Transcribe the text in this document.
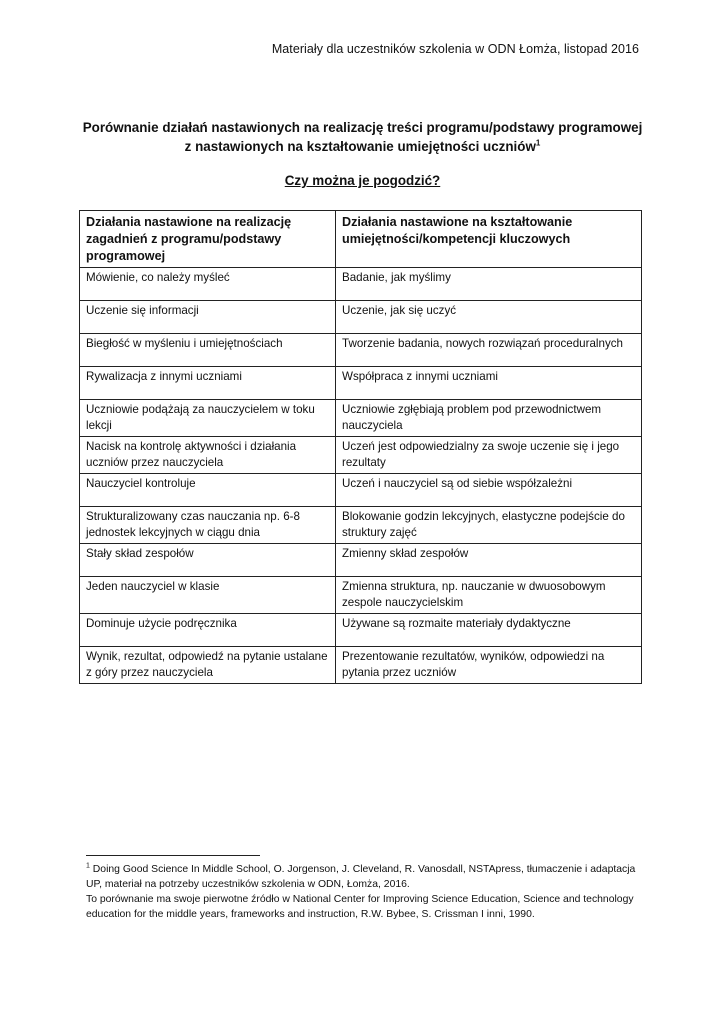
Materiały dla uczestników szkolenia w ODN Łomża, listopad 2016
Porównanie działań nastawionych na realizację treści programu/podstawy programowej
z nastawionych na kształtowanie umiejętności uczniów$^1$
Czy można je pogodzić?
Działania nastawione na realizację zagadnień z programu/podstawy programowej	Działania nastawione na kształtowanie umiejętności/kompetencji kluczowych
Mówienie, co należy myśleć	Badanie, jak myślimy
Uczenie się informacji	Uczenie, jak się uczyć
Biegłość w myśleniu i umiejętnościach	Tworzenie badania, nowych rozwiązań proceduralnych
Rywalizacja z innymi uczniami	Współpraca z innymi uczniami
Uczniowie podążają za nauczycielem w toku lekcji	Uczniowie zgłębiają problem pod przewodnictwem nauczyciela
Nacisk na kontrolę aktywności i działania uczniów przez nauczyciela	Uczeń jest odpowiedzialny za swoje uczenie się i jego rezultaty
Nauczyciel kontroluje	Uczeń i nauczyciel są od siebie współzależni
Strukturalizowany czas nauczania np. 6-8 jednostek lekcyjnych w ciągu dnia	Blokowanie godzin lekcyjnych, elastyczne podejście do struktury zajęć
Stały skład zespołów	Zmienny skład zespołów
Jeden nauczyciel w klasie	Zmienna struktura, np. nauczanie w dwuosobowym zespole nauczycielskim
Dominuje użycie podręcznika	Używane są rozmaite materiały dydaktyczne
Wynik, rezultat, odpowiedź na pytanie ustalane z góry przez nauczyciela	Prezentowanie rezultatów, wyników, odpowiedzi na pytania przez uczniów
$^1$ Doing Good Science In Middle School, O. Jorgenson, J. Cleveland, R. Vanosdall, NSTApress, tłumaczenie i adaptacja UP, materiał na potrzeby uczestników szkolenia w ODN, Łomża, 2016.
To porównanie ma swoje pierwotne źródło w National Center for Improving Science Education, Science and technology education for the middle years, frameworks and instruction, R.W. Bybee, S. Crissman I inni, 1990.
